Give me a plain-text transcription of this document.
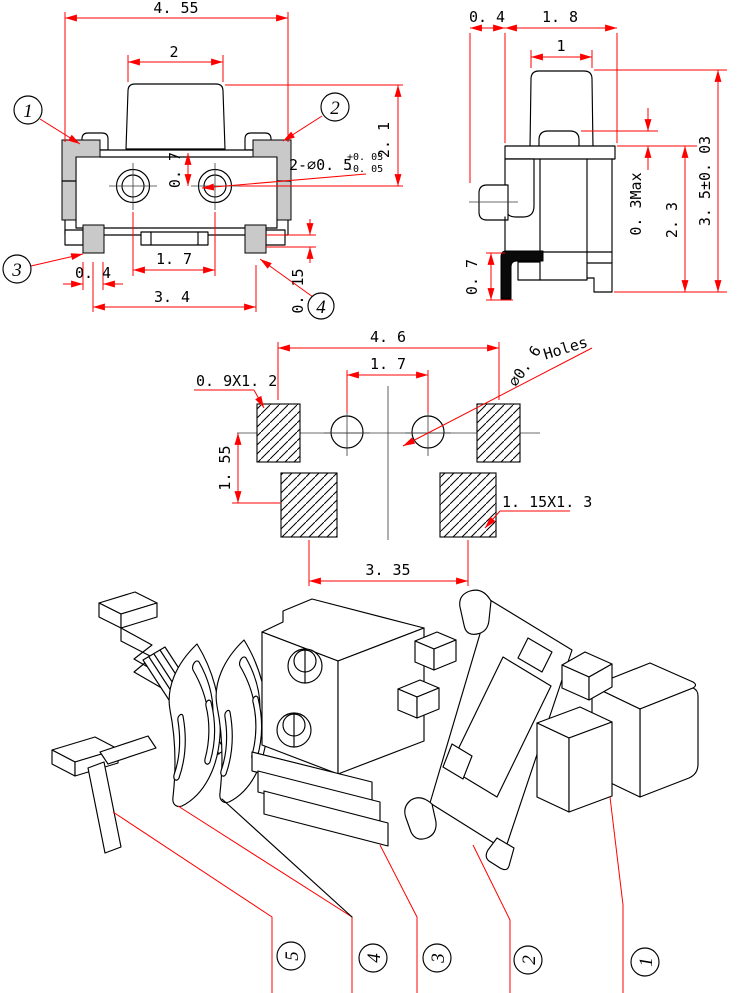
4. 55
2
2. 1
0. 7	2-∅0. 5
+0. 03
-0. 05
1. 7
0. 4
3. 4	0. 15
1	2
3
4
0. 4 1. 8
1
0. 3Max 2. 3 3. 5±0. 03
0. 7
4. 6
1. 7
1. 55
3. 35
0. 9X1. 2
1. 15X1. 3
∅0. 6
Holes
5	4 3	2	1
